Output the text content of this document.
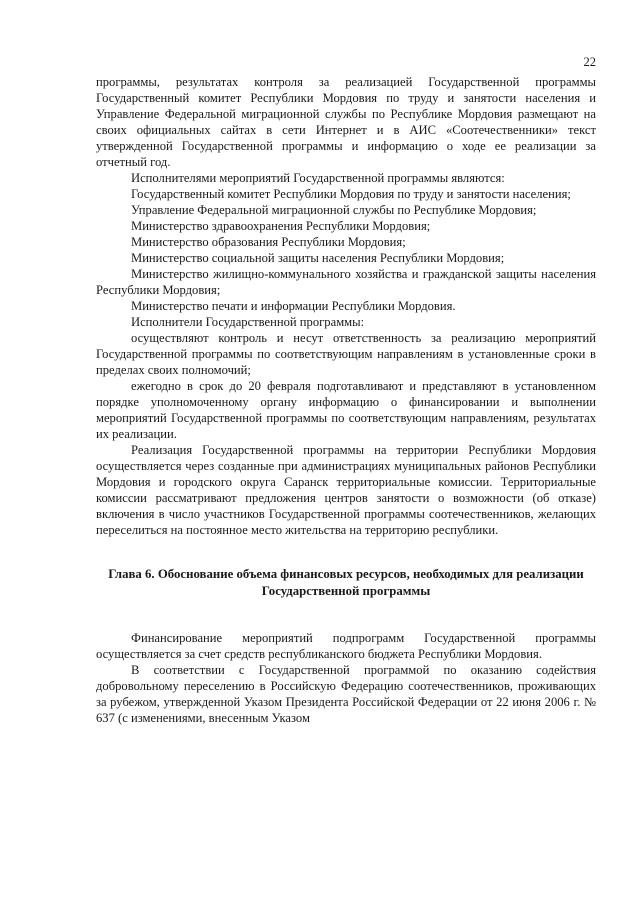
22

программы, результатах контроля за реализацией Государственной программы Государственный комитет Республики Мордовия по труду и занятости населения и Управление Федеральной миграционной службы по Республике Мордовия размещают на своих официальных сайтах в сети Интернет и в АИС «Соотечественники» текст утвержденной Государственной программы и информацию о ходе ее реализации за отчетный год.

Исполнителями мероприятий Государственной программы являются:

Государственный комитет Республики Мордовия по труду и занятости населения;

Управление Федеральной миграционной службы по Республике Мордовия;

Министерство здравоохранения Республики Мордовия;

Министерство образования Республики Мордовия;

Министерство социальной защиты населения Республики Мордовия;

Министерство жилищно-коммунального хозяйства и гражданской защиты населения Республики Мордовия;

Министерство печати и информации Республики Мордовия.

Исполнители Государственной программы:

осуществляют контроль и несут ответственность за реализацию мероприятий Государственной программы по соответствующим направлениям в установленные сроки в пределах своих полномочий;

ежегодно в срок до 20 февраля подготавливают и представляют в установленном порядке уполномоченному органу информацию о финансировании и выполнении мероприятий Государственной программы по соответствующим направлениям, результатах их реализации.

Реализация Государственной программы на территории Республики Мордовия осуществляется через созданные при администрациях муниципальных районов Республики Мордовия и городского округа Саранск территориальные комиссии. Территориальные комиссии рассматривают предложения центров занятости о возможности (об отказе) включения в число участников Государственной программы соотечественников, желающих переселиться на постоянное место жительства на территорию республики.

Глава 6. Обоснование объема финансовых ресурсов, необходимых для реализации Государственной программы

Финансирование мероприятий подпрограмм Государственной программы осуществляется за счет средств республиканского бюджета Республики Мордовия.

В соответствии с Государственной программой по оказанию содействия добровольному переселению в Российскую Федерацию соотечественников, проживающих за рубежом, утвержденной Указом Президента Российской Федерации от 22 июня 2006 г. № 637 (с изменениями, внесенным Указом
